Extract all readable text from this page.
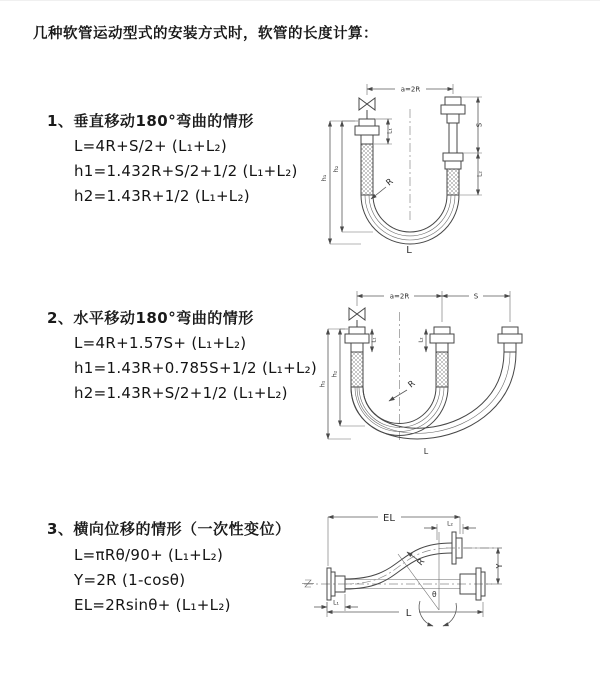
几种软管运动型式的安装方式时，软管的长度计算：
1、垂直移动180°弯曲的情形
L=4R+S/2+ (L₁+L₂)
h1=1.432R+S/2+1/2 (L₁+L₂)
h2=1.43R+1/2 (L₁+L₂)
2、水平移动180°弯曲的情形
L=4R+1.57S+ (L₁+L₂)
h1=1.43R+0.785S+1/2 (L₁+L₂)
h2=1.43R+S/2+1/2 (L₁+L₂)
3、横向位移的情形（一次性变位）
L=πRθ/90+ (L₁+L₂)
Y=2R (1-cosθ)
EL=2Rsinθ+ (L₁+L₂)
a=2R
R
h₁
h₂
L₁
S
L₂
L
a=2R	S
R
h₁
h₂
L₁	L₂
L
EL	L₂
θ
R	Y
L₁
L
